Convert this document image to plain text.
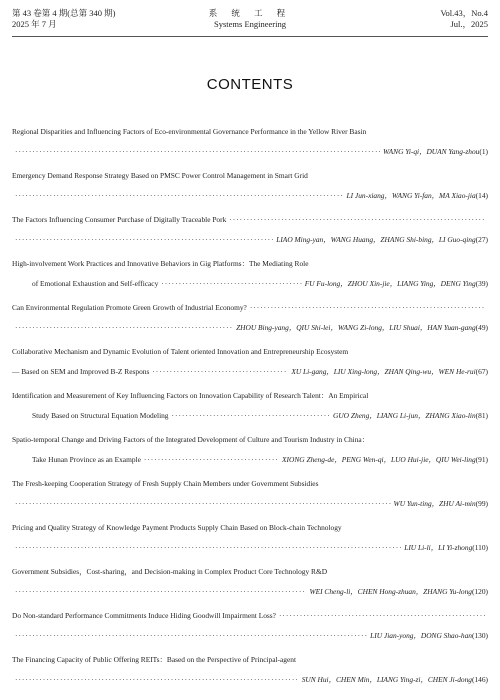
第 43 卷第 4 期(总第 340 期)
2025 年 7 月
系 统 工 程
Systems Engineering
Vol.43，No.4
Jul.，2025
CONTENTS
Regional Disparities and Influencing Factors of Eco-environmental Governance Performance in the Yellow River Basin
·····
WANG Yi-qi，DUAN Yang-zhou (1)
Emergency Demand Response Strategy Based on PMSC Power Control Management in Smart Grid
·····
LI Jun-xiang，WANG Yi-fan，MA Xiao-jia (14)
The Factors Influencing Consumer Purchase of Digitally Traceable Pork
·····
·····
LIAO Ming-yan，WANG Huang，ZHANG Shi-bing，LI Guo-qing (27)
High-involvement Work Practices and Innovative Behaviors in Gig Platforms：The Mediating Role
of Emotional Exhaustion and Self-efficacy ·····	FU Fu-long，ZHOU Xin-jie，LIANG Ying，DENG Ying (39)
Can Environmental Regulation Promote Green Growth of Industrial Economy?
·····
·····
ZHOU Bing-yang，QIU Shi-lei，WANG Zi-long，LIU Shuai，HAN Yuan-gang (49)
Collaborative Mechanism and Dynamic Evolution of Talent oriented Innovation and Entrepreneurship Ecosystem
— Based on SEM and Improved B-Z Respons ·····	XU Li-gang，LIU Xing-long，ZHAN Qing-wu，WEN He-rui (67)
Identification and Measurement of Key Influencing Factors on Innovation Capability of Research Talent：An Empirical
Study Based on Structural Equation Modeling ·····	GUO Zheng，LIANG Li-jun，ZHANG Xiao-lin (81)
Spatio-temporal Change and Driving Factors of the Integrated Development of Culture and Tourism Industry in China：
Take Hunan Province as an Example ·····	XIONG Zheng-de，PENG Wen-qi，LUO Hui-jie，QIU Wei-ling (91)
The Fresh-keeping Cooperation Strategy of Fresh Supply Chain Members under Government Subsidies
·····
WU Yun-ting，ZHU Ai-min (99)
Pricing and Quality Strategy of Knowledge Payment Products Supply Chain Based on Block-chain Technology
·····
LIU Li-li，LI Yi-zhong (110)
Government Subsidies，Cost-sharing，and Decision-making in Complex Product Core Technology R&D
·····
WEI Cheng-li，CHEN Hong-zhuan，ZHANG Yu-long (120)
Do Non-standard Performance Commitments Induce Hiding Goodwill Impairment Loss?
·····
·····
LIU Jian-yong，DONG Shao-han (130)
The Financing Capacity of Public Offering REITs：Based on the Perspective of Principal-agent
·····
SUN Hui，CHEN Min，LIANG Ying-zi，CHEN Ji-dong (146)
